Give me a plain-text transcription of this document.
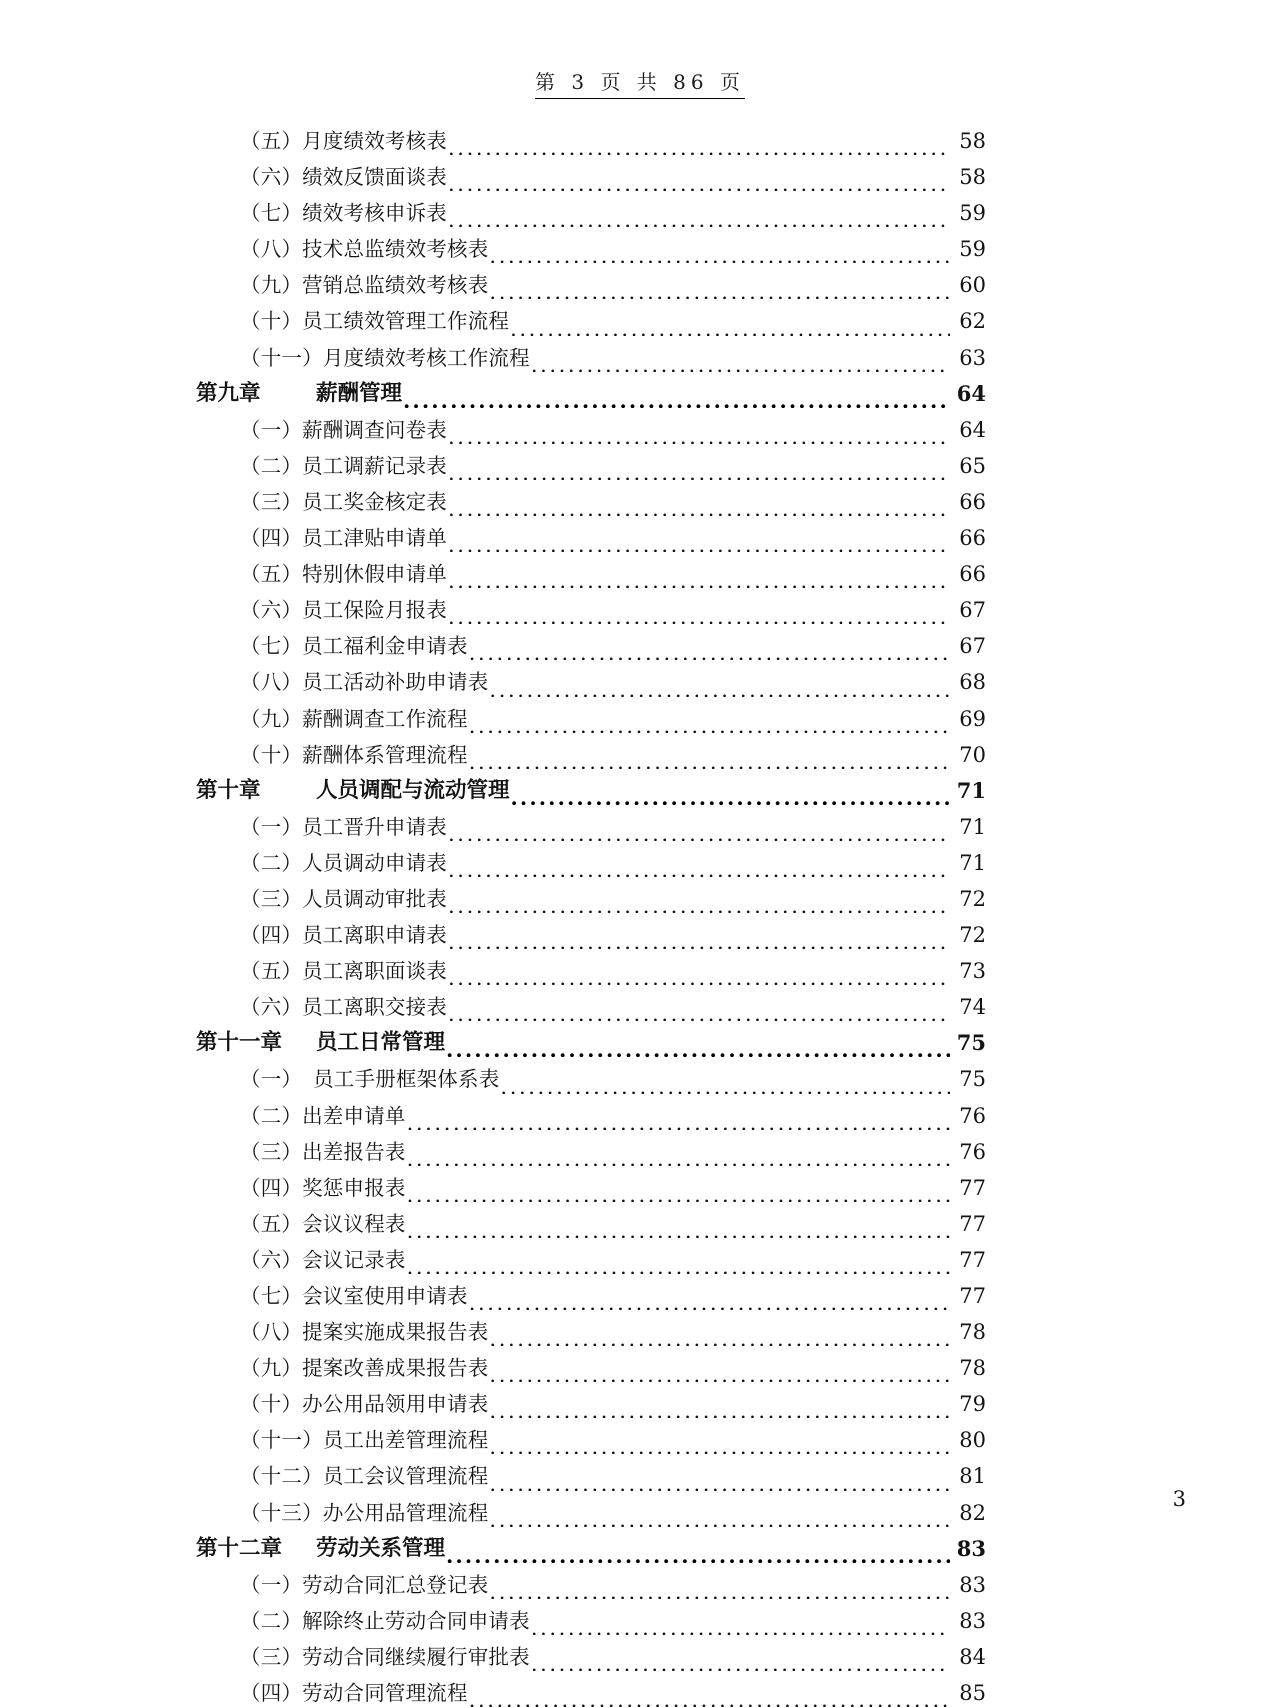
第 3 页 共 86 页
（五）月度绩效考核表 .....	58
（六）绩效反馈面谈表 .....	58
（七）绩效考核申诉表 .....	59
（八）技术总监绩效考核表 .....	59
（九）营销总监绩效考核表 .....	60
（十）员工绩效管理工作流程 .....	62
（十一）月度绩效考核工作流程 .....	63
第九章	薪酬管理 .....	64
（一）薪酬调查问卷表 .....	64
（二）员工调薪记录表 .....	65
（三）员工奖金核定表 .....	66
（四）员工津贴申请单 .....	66
（五）特别休假申请单 .....	66
（六）员工保险月报表 .....	67
（七）员工福利金申请表 .....	67
（八）员工活动补助申请表 .....	68
（九）薪酬调查工作流程 .....	69
（十）薪酬体系管理流程 .....	70
第十章	人员调配与流动管理 .....	71
（一）员工晋升申请表 .....	71
（二）人员调动申请表 .....	71
（三）人员调动审批表 .....	72
（四）员工离职申请表 .....	72
（五）员工离职面谈表 .....	73
（六）员工离职交接表 .....	74
第十一章	员工日常管理 .....	75
（一） 员工手册框架体系表 .....	75
（二）出差申请单 .....	76
（三）出差报告表 .....	76
（四）奖惩申报表 .....	77
（五）会议议程表 .....	77
（六）会议记录表 .....	77
（七）会议室使用申请表 .....	77
（八）提案实施成果报告表 .....	78
（九）提案改善成果报告表 .....	78
（十）办公用品领用申请表 .....	79
（十一）员工出差管理流程 .....	80
（十二）员工会议管理流程 .....	81
（十三）办公用品管理流程 .....	82
第十二章	劳动关系管理 .....	83
（一）劳动合同汇总登记表 .....	83
（二）解除终止劳动合同申请表 .....	83
（三）劳动合同继续履行审批表 .....	84
（四）劳动合同管理流程 .....	85
3
